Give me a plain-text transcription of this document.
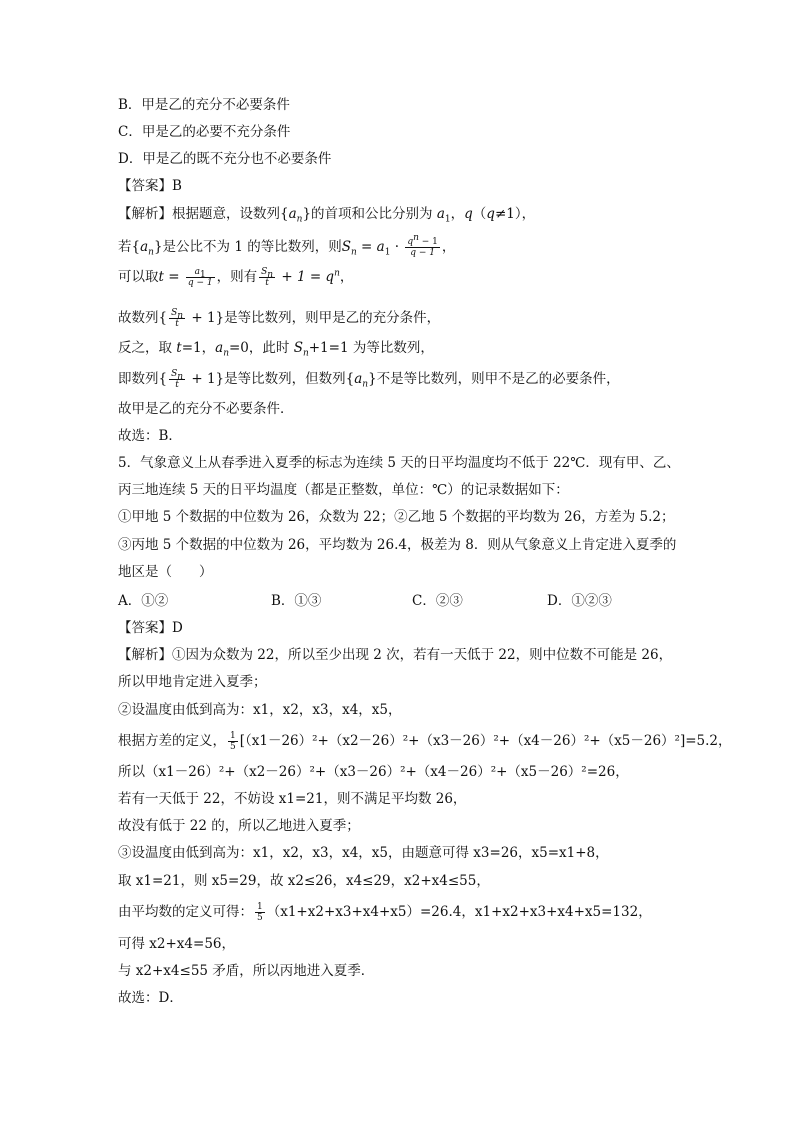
B．甲是乙的充分不必要条件
C．甲是乙的必要不充分条件
D．甲是乙的既不充分也不必要条件
【答案】B
【解析】根据题意，设数列$\{a_n\}$的首项和公比分别为 $a_1$，q（q≠1），
若$\{a_n\}$是公比不为 1 的等比数列，则$S_n = a_1 \cdot \frac{q^n - 1}{q - 1}$ ，
可以取$t = \frac{a_1}{q - 1}$ ，则有 $\frac{S_n}{t} + 1 = q^n$，
故数列{ $\frac{S_n}{t} + 1$}是等比数列，则甲是乙的充分条件，
反之，取 t=1，$a_n=0$，此时 $S_n+1=1$ 为等比数列，
即数列{ $\frac{S_n}{t} + 1$}是等比数列，但数列$\{a_n\}$不是等比数列，则甲不是乙的必要条件，
故甲是乙的充分不必要条件．
故选：B．
5．气象意义上从春季进入夏季的标志为连续 5 天的日平均温度均不低于 22℃．现有甲、乙、
丙三地连续 5 天的日平均温度（都是正整数，单位：℃）的记录数据如下：
①甲地 5 个数据的中位数为 26，众数为 22；②乙地 5 个数据的平均数为 26，方差为 5.2；
③丙地 5 个数据的中位数为 26，平均数为 26.4，极差为 8．则从气象意义上肯定进入夏季的
地区是（　　）
A．①②	B．①③	C．②③	D．①②③
【答案】D
【解析】①因为众数为 22，所以至少出现 2 次，若有一天低于 22，则中位数不可能是 26，
所以甲地肯定进入夏季；
②设温度由低到高为：x1，x2，x3，x4，x5，
根据方差的定义， $\frac{1}{5} [(x1-26)^2+(x2-26)^2+(x3-26)^2+(x4-26)^2+(x5-26)^2]=5.2$，
所以（x1－26）²+（x2－26）²+（x3－26）²+（x4－26）²+（x5－26）²=26，
若有一天低于 22，不妨设 x1=21，则不满足平均数 26，
故没有低于 22 的，所以乙地进入夏季；
③设温度由低到高为：x1，x2，x3，x4，x5，由题意可得 x3=26，x5=x1+8，
取 x1=21，则 x5=29，故 x2≤26，x4≤29，x2+x4≤55，
由平均数的定义可得： $\frac{1}{5} (x1+x2+x3+x4+x5)=26.4$，x1+x2+x3+x4+x5=132，
可得 x2+x4=56，
与 x2+x4≤55 矛盾，所以丙地进入夏季．
故选：D．
